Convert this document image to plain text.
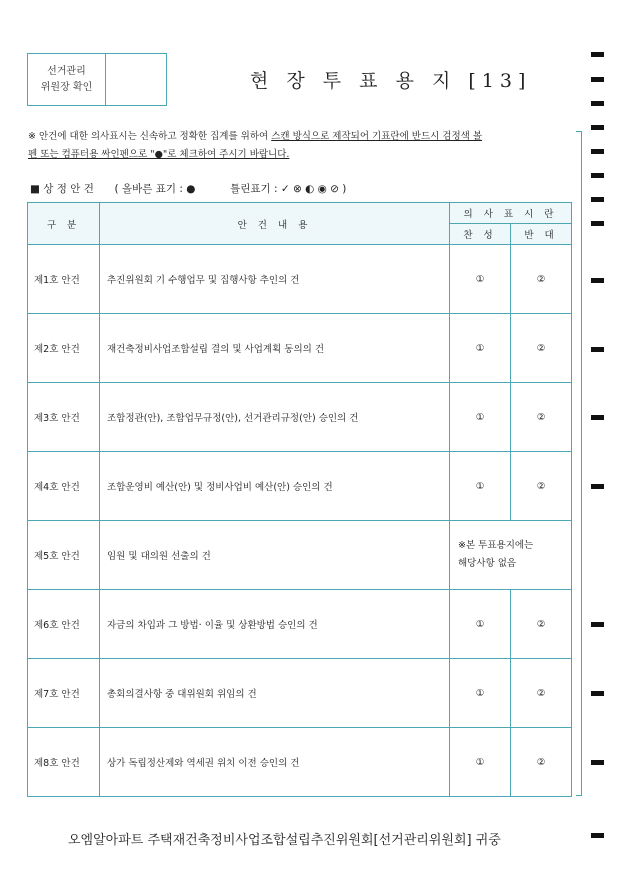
선거관리
위원장 확인	현 장 투 표 용 지 [13]
※ 안건에 대한 의사표시는 신속하고 정확한 집계를 위하여 스캔 방식으로 제작되어 기표란에 반드시 검정색 볼
펜 또는 컴퓨터용 싸인펜으로 "●"로 체크하여 주시기 바랍니다.
■ 상 정 안 건 ( 올바른 표기 : ●	틀린표기 : ✓ ⊗ ◐ ◉ ⊘ )
구 분	안 건 내 용	의 사 표 시 란	
		찬 성	반 대
제1호 안건	추진위원회 기 수행업무 및 집행사항 추인의 건	①	②
제2호 안건	재건축정비사업조합설립 결의 및 사업계획 동의의 건	①	②
제3호 안건	조합정관(안), 조합업무규정(안), 선거관리규정(안) 승인의 건	①	②
제4호 안건	조합운영비 예산(안) 및 정비사업비 예산(안) 승인의 건	①	②
제5호 안건	임원 및 대의원 선출의 건	※본 투표용지에는
해당사항 없음	
제6호 안건	자금의 차입과 그 방법· 이율 및 상환방법 승인의 건	①	②
제7호 안건	총회의결사항 중 대위원회 위임의 건	①	②
제8호 안건	상가 독립정산제와 역세권 위치 이전 승인의 건	①	②
오엠알아파트 주택재건축정비사업조합설립추진위원회[선거관리위원회] 귀중
